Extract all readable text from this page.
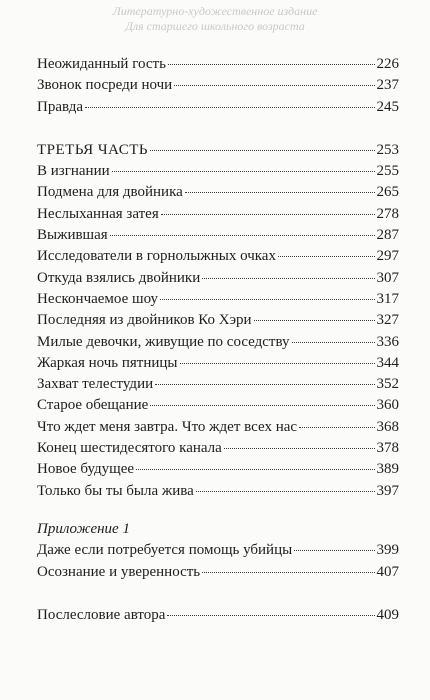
Литературно-художественное издание
Для старшего школьного возраста
Неожиданный гость	226
Звонок посреди ночи	237
Правда	245
ТРЕТЬЯ ЧАСТЬ	253
В изгнании	255
Подмена для двойника	265
Неслыханная затея	278
Выжившая	287
Исследователи в горнолыжных очках	297
Откуда взялись двойники	307
Нескончаемое шоу	317
Последняя из двойников Ко Хэри	327
Милые девочки, живущие по соседству	336
Жаркая ночь пятницы	344
Захват телестудии	352
Старое обещание	360
Что ждет меня завтра. Что ждет всех нас	368
Конец шестидесятого канала	378
Новое будущее	389
Только бы ты была жива	397
Приложение 1
Даже если потребуется помощь убийцы	399
Осознание и уверенность	407
Послесловие автора	409
